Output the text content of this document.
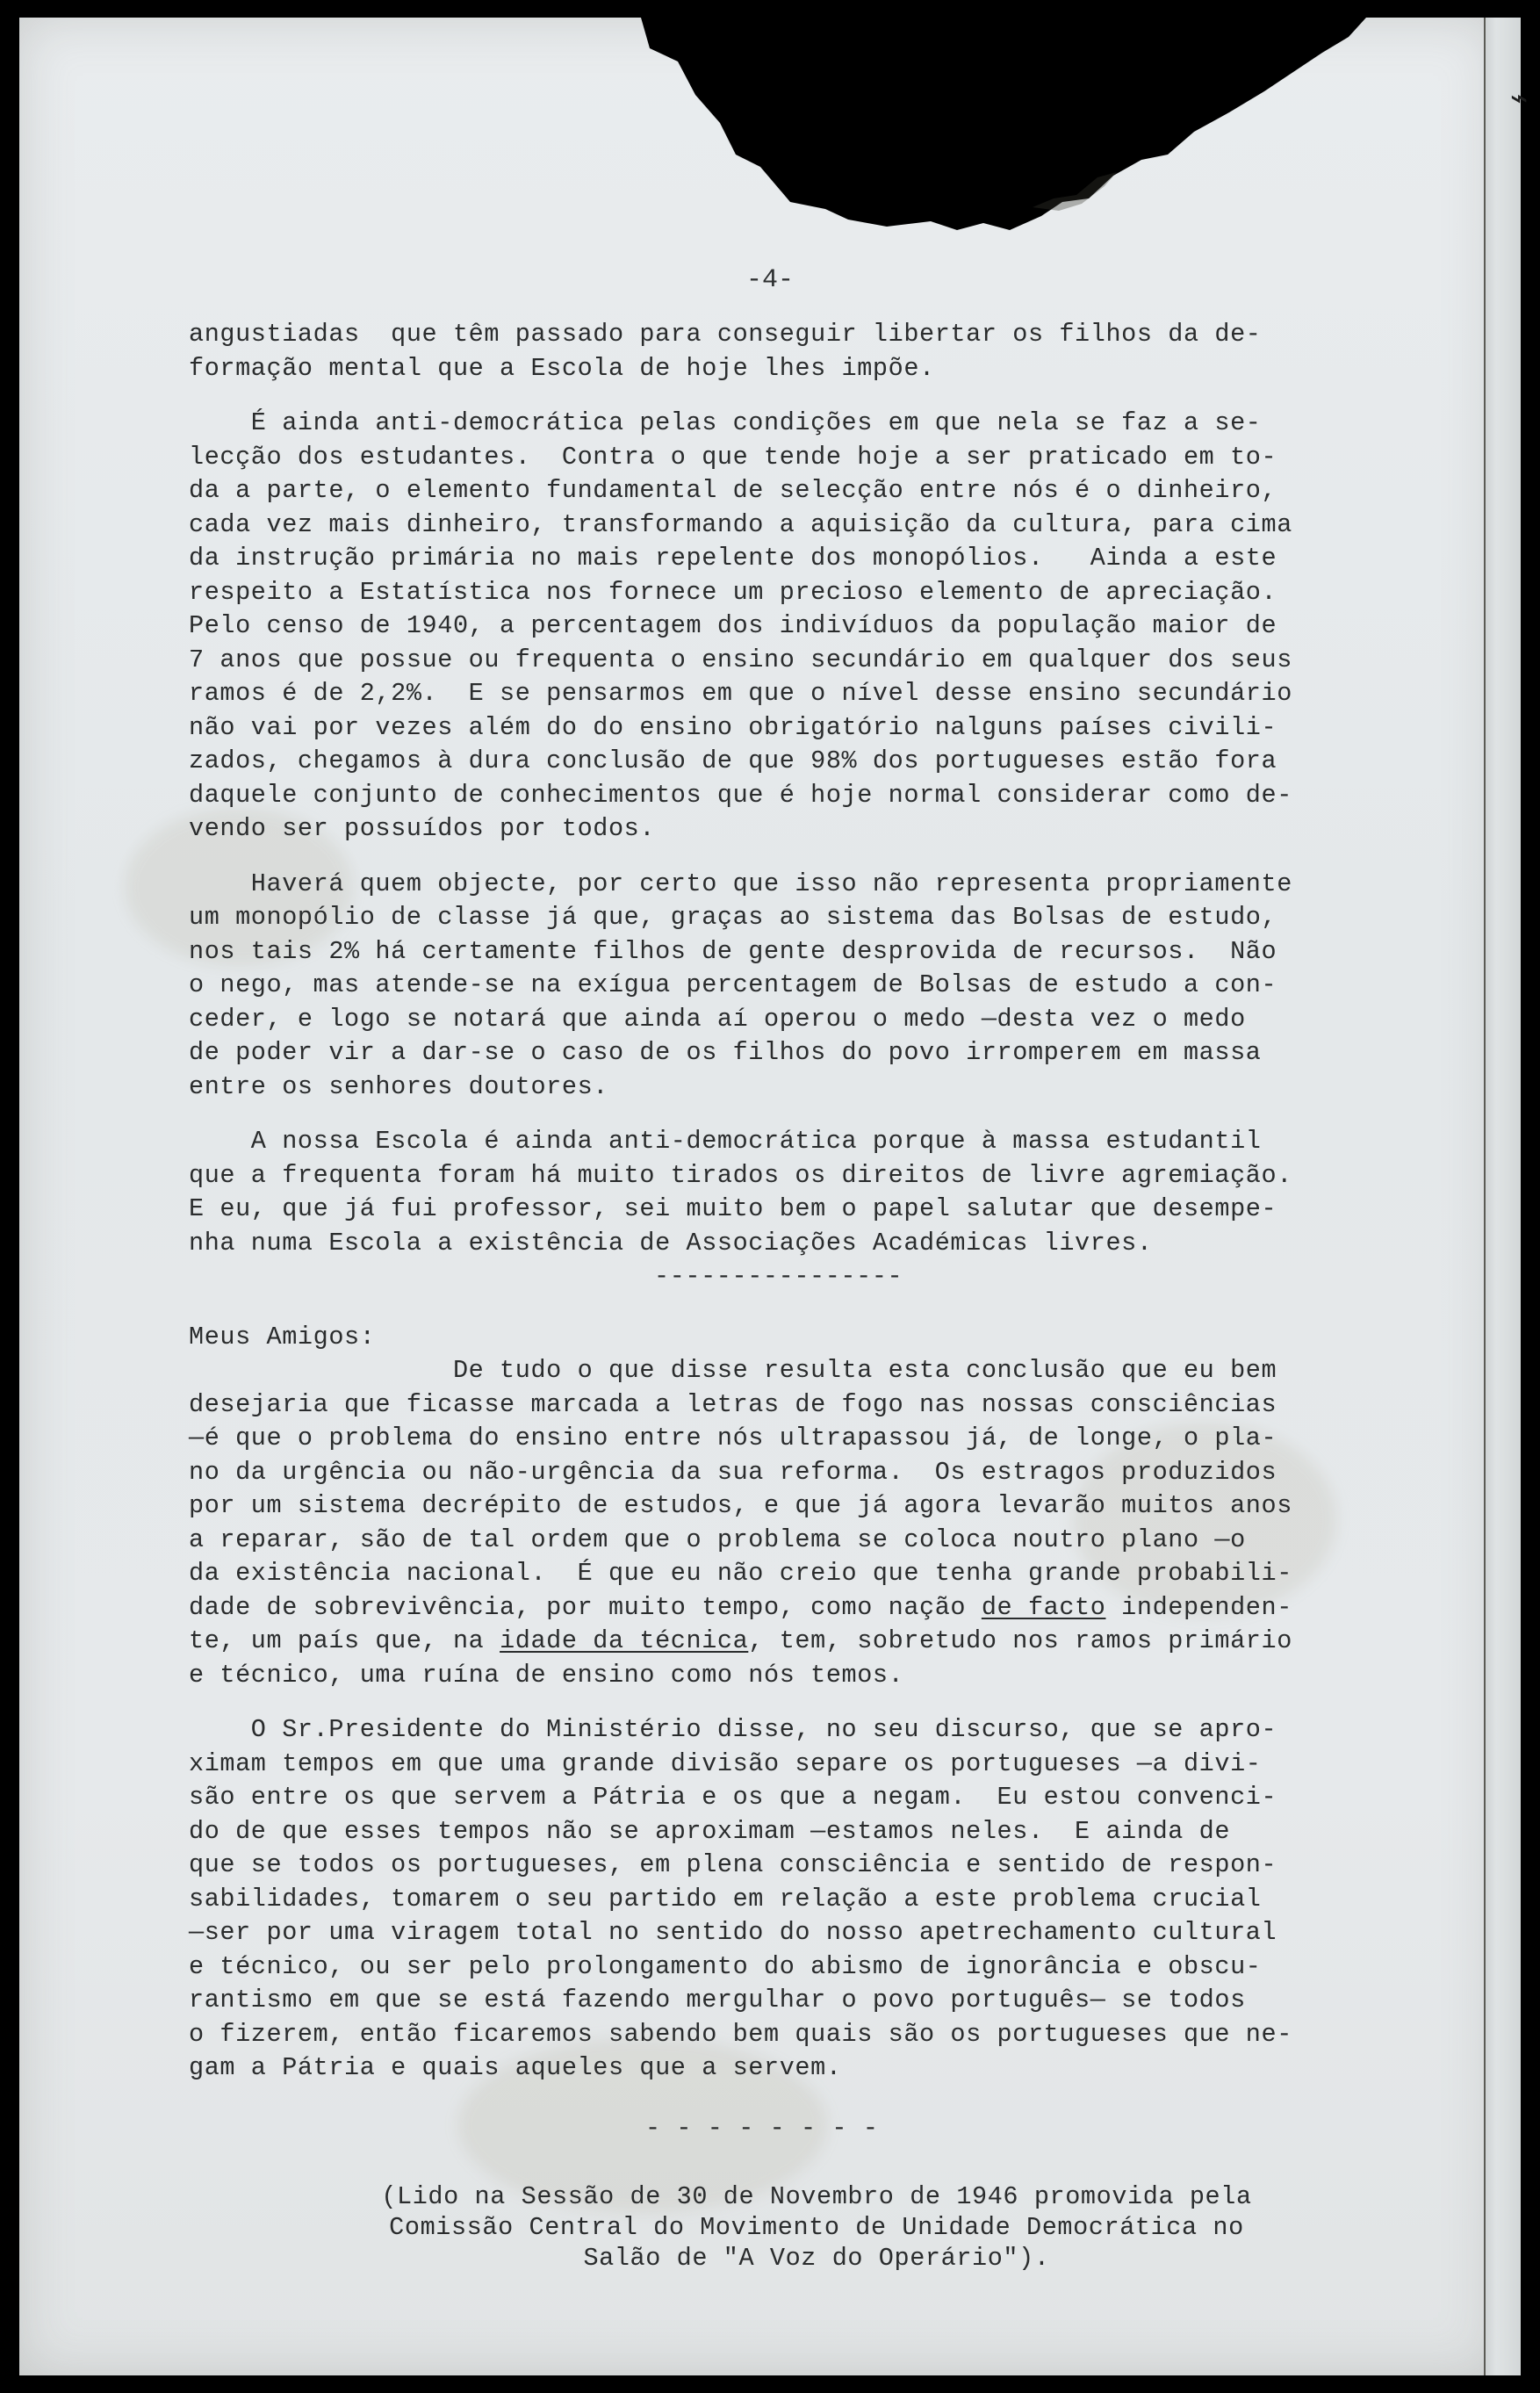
⌁
-4-
angustiadas  que têm passado para conseguir libertar os filhos da de-
formação mental que a Escola de hoje lhes impõe.
É ainda anti-democrática pelas condições em que nela se faz a se-
lecção dos estudantes.  Contra o que tende hoje a ser praticado em to-
da a parte, o elemento fundamental de selecção entre nós é o dinheiro,
cada vez mais dinheiro, transformando a aquisição da cultura, para cima
da instrução primária no mais repelente dos monopólios.   Ainda a este
respeito a Estatística nos fornece um precioso elemento de apreciação.
Pelo censo de 1940, a percentagem dos indivíduos da população maior de
7 anos que possue ou frequenta o ensino secundário em qualquer dos seus
ramos é de 2,2%.  E se pensarmos em que o nível desse ensino secundário
não vai por vezes além do do ensino obrigatório nalguns países civili-
zados, chegamos à dura conclusão de que 98% dos portugueses estão fora
daquele conjunto de conhecimentos que é hoje normal considerar como de-
vendo ser possuídos por todos.
Haverá quem objecte, por certo que isso não representa propriamente
um monopólio de classe já que, graças ao sistema das Bolsas de estudo,
nos tais 2% há certamente filhos de gente desprovida de recursos.  Não
o nego, mas atende-se na exígua percentagem de Bolsas de estudo a con-
ceder, e logo se notará que ainda aí operou o medo —desta vez o medo
de poder vir a dar-se o caso de os filhos do povo irromperem em massa
entre os senhores doutores.
A nossa Escola é ainda anti-democrática porque à massa estudantil
que a frequenta foram há muito tirados os direitos de livre agremiação.
E eu, que já fui professor, sei muito bem o papel salutar que desempe-
nha numa Escola a existência de Associações Académicas livres.
----------------
Meus Amigos:
De tudo o que disse resulta esta conclusão que eu bem
desejaria que ficasse marcada a letras de fogo nas nossas consciências
—é que o problema do ensino entre nós ultrapassou já, de longe, o pla-
no da urgência ou não-urgência da sua reforma.  Os estragos produzidos
por um sistema decrépito de estudos, e que já agora levarão muitos anos
a reparar, são de tal ordem que o problema se coloca noutro plano —o
da existência nacional.  É que eu não creio que tenha grande probabili-
dade de sobrevivência, por muito tempo, como nação de facto independen-
te, um país que, na idade da técnica, tem, sobretudo nos ramos primário
e técnico, uma ruína de ensino como nós temos.
O Sr.Presidente do Ministério disse, no seu discurso, que se apro-
ximam tempos em que uma grande divisão separe os portugueses —a divi-
são entre os que servem a Pátria e os que a negam.  Eu estou convenci-
do de que esses tempos não se aproximam —estamos neles.  E ainda de
que se todos os portugueses, em plena consciência e sentido de respon-
sabilidades, tomarem o seu partido em relação a este problema crucial
—ser por uma viragem total no sentido do nosso apetrechamento cultural
e técnico, ou ser pelo prolongamento do abismo de ignorância e obscu-
rantismo em que se está fazendo mergulhar o povo português— se todos
o fizerem, então ficaremos sabendo bem quais são os portugueses que ne-
gam a Pátria e quais aqueles que a servem.
- - - - - - - -
(Lido na Sessão de 30 de Novembro de 1946 promovida pela
Comissão Central do Movimento de Unidade Democrática no
Salão de "A Voz do Operário").
